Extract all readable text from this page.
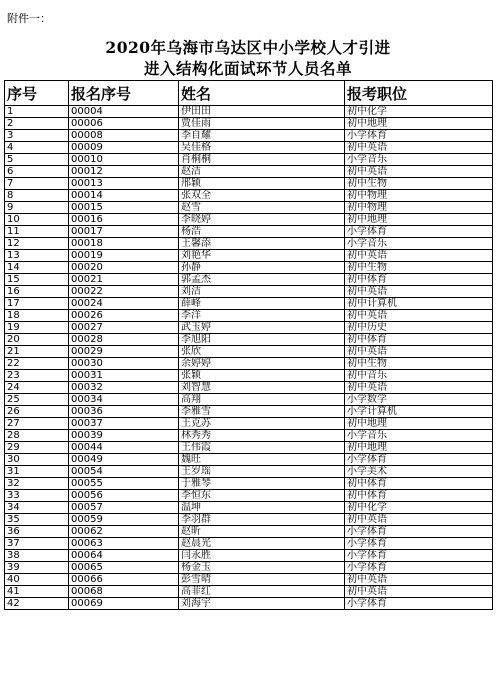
附件一：
2020年乌海市乌达区中小学校人才引进
进入结构化面试环节人员名单
序号	报名序号	姓名	报考职位
1	00004	伊田田	初中化学
2	00006	贾佳雨	初中地理
3	00008	李自耀	小学体育
4	00009	吴佳格	初中英语
5	00010	肖桐桐	小学音乐
6	00012	赵洁	初中英语
7	00013	邢颖	初中生物
8	00014	张双全	初中物理
9	00015	赵雪	初中物理
10	00016	李晓婷	初中地理
11	00017	杨浩	小学体育
12	00018	王馨添	小学音乐
13	00019	刘艳华	初中英语
14	00020	孙静	初中生物
15	00021	郭孟杰	初中体育
16	00022	刘洁	初中英语
17	00024	薛峰	初中计算机
18	00026	李洋	初中英语
19	00027	武玉婷	初中历史
20	00028	李旭阳	初中体育
21	00029	张欣	初中英语
22	00030	余婷婷	初中生物
23	00031	张颖	初中音乐
24	00032	刘智慧	初中英语
25	00034	高翔	小学数学
26	00036	李雅雪	小学计算机
27	00037	王克苏	初中地理
28	00039	林秀秀	小学音乐
29	00044	王伟霞	初中地理
30	00049	魏旺	小学体育
31	00054	王岁瑶	小学美术
32	00055	于雅琴	初中体育
33	00056	李恒东	初中体育
34	00057	温坤	初中化学
35	00059	李羽群	初中英语
36	00062	赵昕	小学体育
37	00063	赵晨光	小学体育
38	00064	闫永胜	小学体育
39	00065	杨金玉	小学体育
40	00066	彭雪晴	初中英语
41	00068	高菲红	初中英语
42	00069	刘海宇	小学体育
